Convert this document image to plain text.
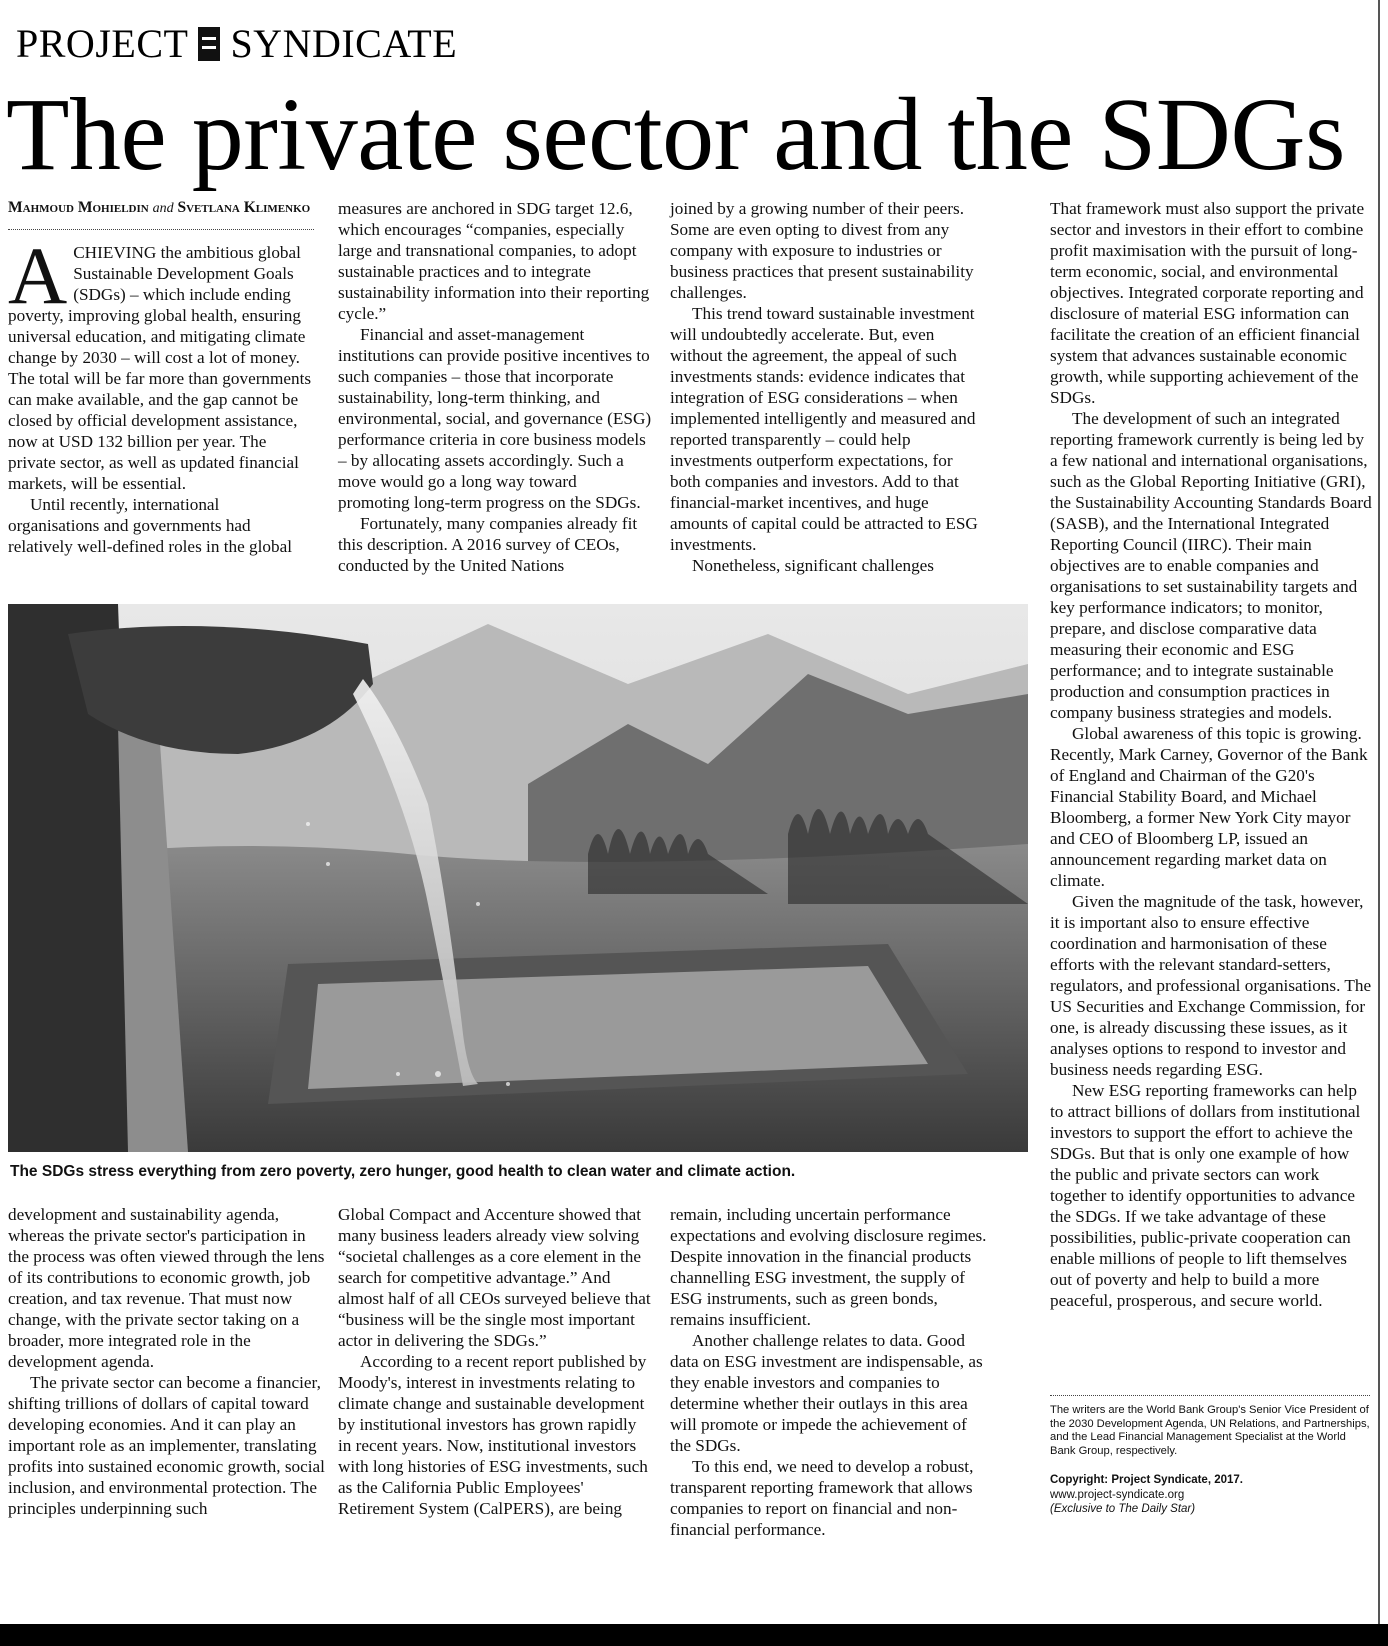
PROJECT SYNDICATE
The private sector and the SDGs
Mahmoud Mohieldin and Svetlana Klimenko

ACHIEVING the ambitious global Sustainable Development Goals (SDGs) – which include ending poverty, improving global health, ensuring universal education, and mitigating climate change by 2030 – will cost a lot of money. The total will be far more than governments can make available, and the gap cannot be closed by official development assistance, now at USD 132 billion per year. The private sector, as well as updated financial markets, will be essential.

Until recently, international organisations and governments had relatively well-defined roles in the global

measures are anchored in SDG target 12.6, which encourages “companies, especially large and transnational companies, to adopt sustainable practices and to integrate sustainability information into their reporting cycle.”

Financial and asset-management institutions can provide positive incentives to such companies – those that incorporate sustainability, long-term thinking, and environmental, social, and governance (ESG) performance criteria in core business models – by allocating assets accordingly. Such a move would go a long way toward promoting long-term progress on the SDGs.

Fortunately, many companies already fit this description. A 2016 survey of CEOs, conducted by the United Nations

joined by a growing number of their peers. Some are even opting to divest from any company with exposure to industries or business practices that present sustainability challenges.

This trend toward sustainable investment will undoubtedly accelerate. But, even without the agreement, the appeal of such investments stands: evidence indicates that integration of ESG considerations – when implemented intelligently and measured and reported transparently – could help investments outperform expectations, for both companies and investors. Add to that financial-market incentives, and huge amounts of capital could be attracted to ESG investments.

Nonetheless, significant challenges

That framework must also support the private sector and investors in their effort to combine profit maximisation with the pursuit of long-term economic, social, and environmental objectives. Integrated corporate reporting and disclosure of material ESG information can facilitate the creation of an efficient financial system that advances sustainable economic growth, while supporting achievement of the SDGs.

The development of such an integrated reporting framework currently is being led by a few national and international organisations, such as the Global Reporting Initiative (GRI), the Sustainability Accounting Standards Board (SASB), and the International Integrated Reporting Council (IIRC). Their main objectives are to enable companies and organisations to set sustainability targets and key performance indicators; to monitor, prepare, and disclose comparative data measuring their economic and ESG performance; and to integrate sustainable production and consumption practices in company business strategies and models.

Global awareness of this topic is growing. Recently, Mark Carney, Governor of the Bank of England and Chairman of the G20's Financial Stability Board, and Michael Bloomberg, a former New York City mayor and CEO of Bloomberg LP, issued an announcement regarding market data on climate.

Given the magnitude of the task, however, it is important also to ensure effective coordination and harmonisation of these efforts with the relevant standard-setters, regulators, and professional organisations. The US Securities and Exchange Commission, for one, is already discussing these issues, as it analyses options to respond to investor and business needs regarding ESG.

New ESG reporting frameworks can help to attract billions of dollars from institutional investors to support the effort to achieve the SDGs. But that is only one example of how the public and private sectors can work together to identify opportunities to advance the SDGs. If we take advantage of these possibilities, public-private cooperation can enable millions of people to lift themselves out of poverty and help to build a more peaceful, prosperous, and secure world.

The SDGs stress everything from zero poverty, zero hunger, good health to clean water and climate action.

development and sustainability agenda, whereas the private sector's participation in the process was often viewed through the lens of its contributions to economic growth, job creation, and tax revenue. That must now change, with the private sector taking on a broader, more integrated role in the development agenda.

The private sector can become a financier, shifting trillions of dollars of capital toward developing economies. And it can play an important role as an implementer, translating profits into sustained economic growth, social inclusion, and environmental protection. The principles underpinning such

Global Compact and Accenture showed that many business leaders already view solving “societal challenges as a core element in the search for competitive advantage.” And almost half of all CEOs surveyed believe that “business will be the single most important actor in delivering the SDGs.”

According to a recent report published by Moody's, interest in investments relating to climate change and sustainable development by institutional investors has grown rapidly in recent years. Now, institutional investors with long histories of ESG investments, such as the California Public Employees' Retirement System (CalPERS), are being

remain, including uncertain performance expectations and evolving disclosure regimes. Despite innovation in the financial products channelling ESG investment, the supply of ESG instruments, such as green bonds, remains insufficient.

Another challenge relates to data. Good data on ESG investment are indispensable, as they enable investors and companies to determine whether their outlays in this area will promote or impede the achievement of the SDGs.

To this end, we need to develop a robust, transparent reporting framework that allows companies to report on financial and non-financial performance.

The writers are the World Bank Group's Senior Vice President of the 2030 Development Agenda, UN Relations, and Partnerships, and the Lead Financial Management Specialist at the World Bank Group, respectively.
Copyright: Project Syndicate, 2017.
www.project-syndicate.org
(Exclusive to The Daily Star)
